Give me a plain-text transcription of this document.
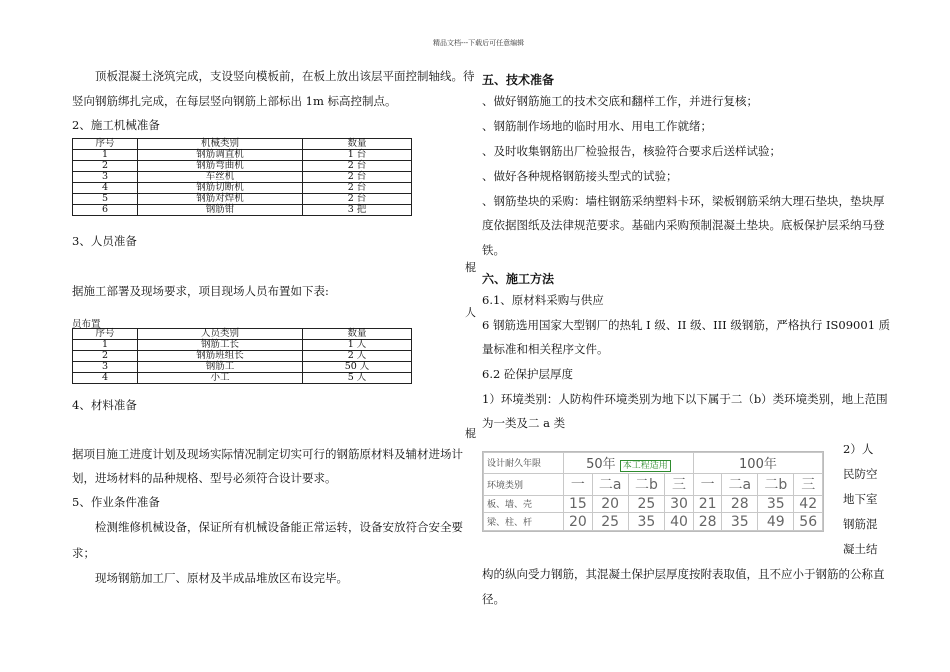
精品文档---下载后可任意编辑
顶板混凝土浇筑完成，支设竖向模板前，在板上放出该层平面控制轴线。待
竖向钢筋绑扎完成，在每层竖向钢筋上部标出 1m 标高控制点。
2、施工机械准备
序号	机械类别	数量
1	钢筋调直机	1 台
2	钢筋弯曲机	2 台
3	车丝机	2 台
4	钢筋切断机	2 台
5	钢筋对焊机	2 台
6	钢筋钳	3 把
3、人员准备
据施工部署及现场要求，项目现场人员布置如下表:
员布置
序号	人员类别	数量
1	钢筋工长	1 人
2	钢筋班组长	2 人
3	钢筋工	50 人
4	小工	5 人
4、材料准备
据项目施工进度计划及现场实际情况制定切实可行的钢筋原材料及辅材进场计
划，进场材料的品种规格、型号必须符合设计要求。
5、作业条件准备
检测维修机械设备，保证所有机械设备能正常运转，设备安放符合安全要
求；
现场钢筋加工厂、原材及半成品堆放区布设完毕。
棍
人
棍
五、技术准备
、做好钢筋施工的技术交底和翻样工作，并进行复核；
、钢筋制作场地的临时用水、用电工作就绪；
、及时收集钢筋出厂检验报告，核验符合要求后送样试验；
、做好各种规格钢筋接头型式的试验；
、钢筋垫块的采购：墙柱钢筋采纳塑料卡环，梁板钢筋采纳大理石垫块，垫块厚
度依据图纸及法律规范要求。基础内采购预制混凝土垫块。底板保护层采纳马登
铁。
六、施工方法
6.1、原材料采购与供应
6 钢筋选用国家大型钢厂的热轧 I 级、II 级、III 级钢筋，严格执行 IS09001 质
量标准和相关程序文件。
6.2 砼保护层厚度
1）环境类别：人防构件环境类别为地下以下属于二（b）类环境类别，地上范围
为一类及二 a 类
2）人
民防空
地下室
钢筋混
凝土结
设计耐久年限	50年 本工程适用				100年			
环境类别	一	二a	二b	三	一	二a	二b	三
板、墙、壳	15	20	25	30	21	28	35	42
梁、柱、杆	20	25	35	40	28	35	49	56
构的纵向受力钢筋，其混凝土保护层厚度按附表取值，且不应小于钢筋的公称直
径。
